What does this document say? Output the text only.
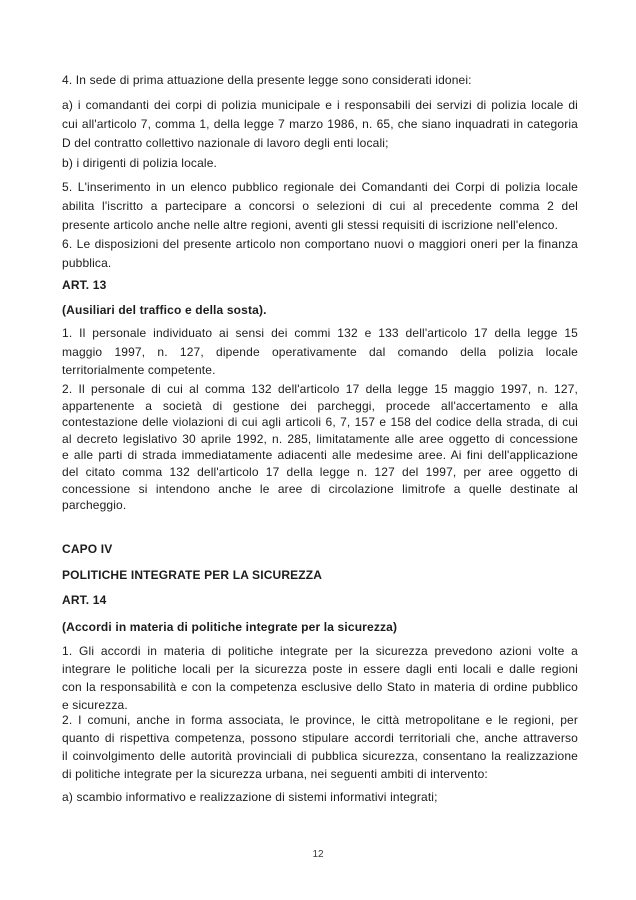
4. In sede di prima attuazione della presente legge sono considerati idonei:
a) i comandanti dei corpi di polizia municipale e i responsabili dei servizi di polizia locale di
cui all'articolo 7, comma 1, della legge 7 marzo 1986, n. 65, che siano inquadrati in categoria
D del contratto collettivo nazionale di lavoro degli enti locali;
b) i dirigenti di polizia locale.
5. L'inserimento in un elenco pubblico regionale dei Comandanti dei Corpi di polizia locale
abilita l'iscritto a partecipare a concorsi o selezioni di cui al precedente comma 2 del
presente articolo anche nelle altre regioni, aventi gli stessi requisiti di iscrizione nell'elenco.
6. Le disposizioni del presente articolo non comportano nuovi o maggiori oneri per la finanza
pubblica.
ART. 13
(Ausiliari del traffico e della sosta).
1. Il personale individuato ai sensi dei commi 132 e 133 dell'articolo 17 della legge 15
maggio 1997, n. 127, dipende operativamente dal comando della polizia locale
territorialmente competente.
2. Il personale di cui al comma 132 dell'articolo 17 della legge 15 maggio 1997, n. 127,
appartenente a società di gestione dei parcheggi, procede all'accertamento e alla
contestazione delle violazioni di cui agli articoli 6, 7, 157 e 158 del codice della strada, di cui
al decreto legislativo 30 aprile 1992, n. 285, limitatamente alle aree oggetto di concessione
e alle parti di strada immediatamente adiacenti alle medesime aree. Ai fini dell'applicazione
del citato comma 132 dell'articolo 17 della legge n. 127 del 1997, per aree oggetto di
concessione si intendono anche le aree di circolazione limitrofe a quelle destinate al
parcheggio.
CAPO IV
POLITICHE INTEGRATE PER LA SICUREZZA
ART. 14
(Accordi in materia di politiche integrate per la sicurezza)
1. Gli accordi in materia di politiche integrate per la sicurezza prevedono azioni volte a
integrare le politiche locali per la sicurezza poste in essere dagli enti locali e dalle regioni
con la responsabilità e con la competenza esclusive dello Stato in materia di ordine pubblico
e sicurezza.
2. I comuni, anche in forma associata, le province, le città metropolitane e le regioni, per
quanto di rispettiva competenza, possono stipulare accordi territoriali che, anche attraverso
il coinvolgimento delle autorità provinciali di pubblica sicurezza, consentano la realizzazione
di politiche integrate per la sicurezza urbana, nei seguenti ambiti di intervento:
a) scambio informativo e realizzazione di sistemi informativi integrati;
12
